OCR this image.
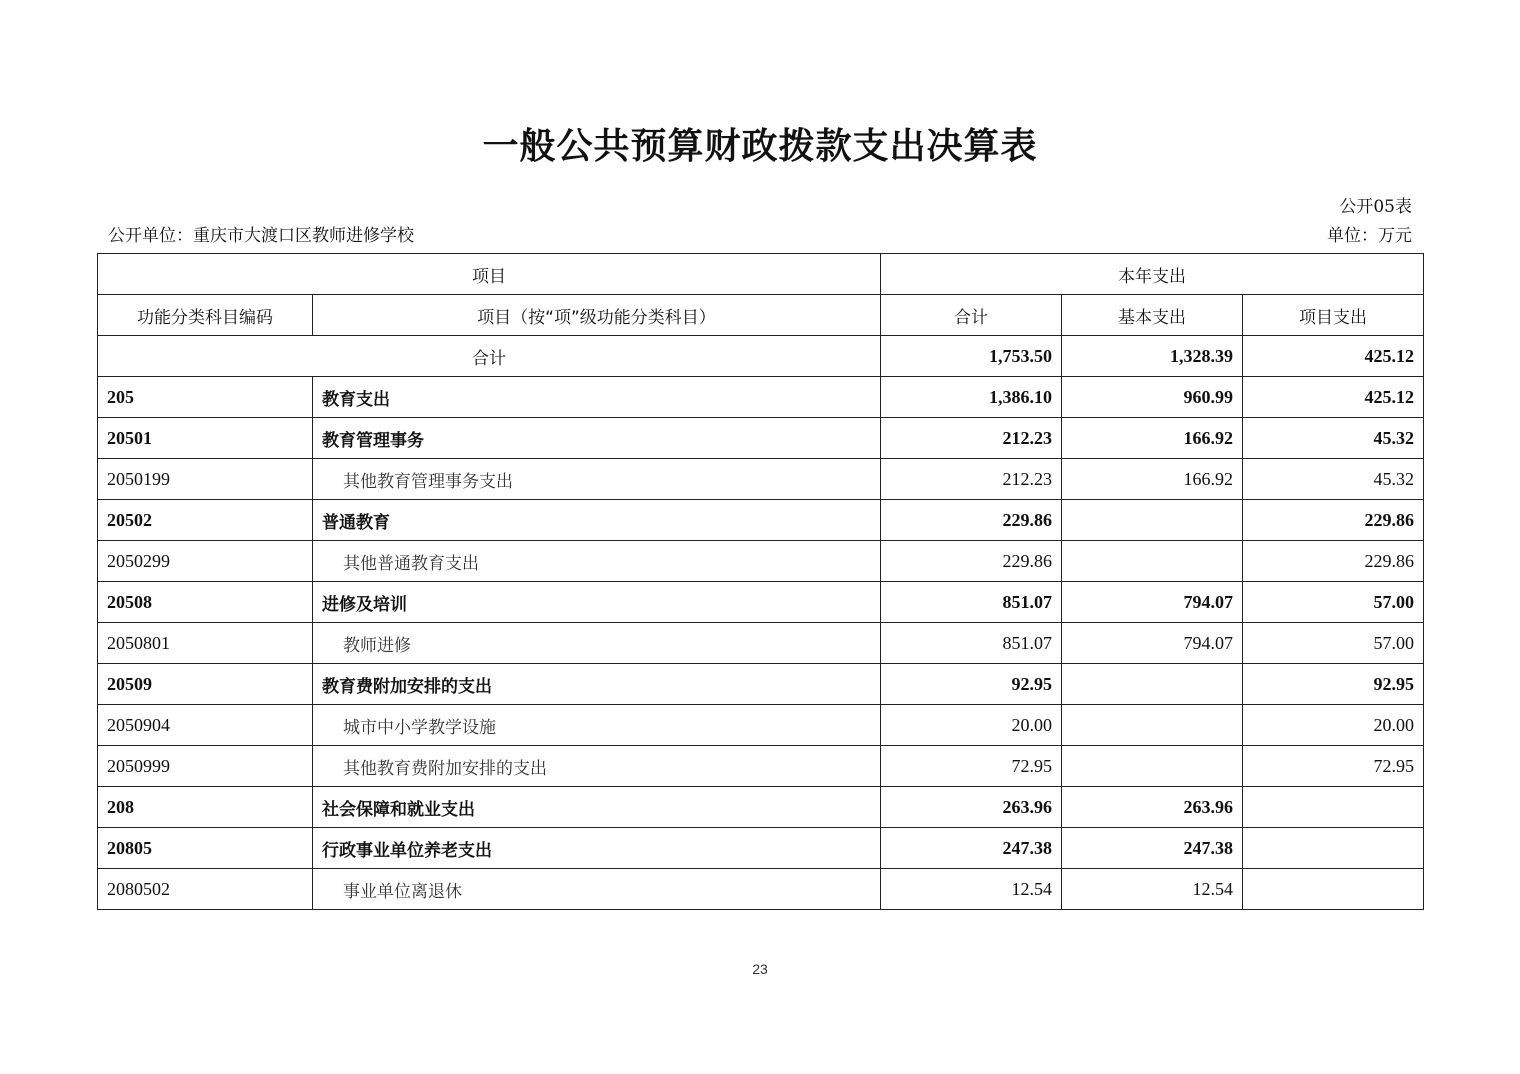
一般公共预算财政拨款支出决算表
公开05表
公开单位：重庆市大渡口区教师进修学校	单位：万元
项目		本年支出		
功能分类科目编码	项目（按“项”级功能分类科目）	合计	基本支出	项目支出
合计		1,753.50	1,328.39	425.12
205	教育支出	1,386.10	960.99	425.12
20501	教育管理事务	212.23	166.92	45.32
2050199	其他教育管理事务支出	212.23	166.92	45.32
20502	普通教育	229.86		229.86
2050299	其他普通教育支出	229.86		229.86
20508	进修及培训	851.07	794.07	57.00
2050801	教师进修	851.07	794.07	57.00
20509	教育费附加安排的支出	92.95		92.95
2050904	城市中小学教学设施	20.00		20.00
2050999	其他教育费附加安排的支出	72.95		72.95
208	社会保障和就业支出	263.96	263.96	
20805	行政事业单位养老支出	247.38	247.38	
2080502	事业单位离退休	12.54	12.54	
23
